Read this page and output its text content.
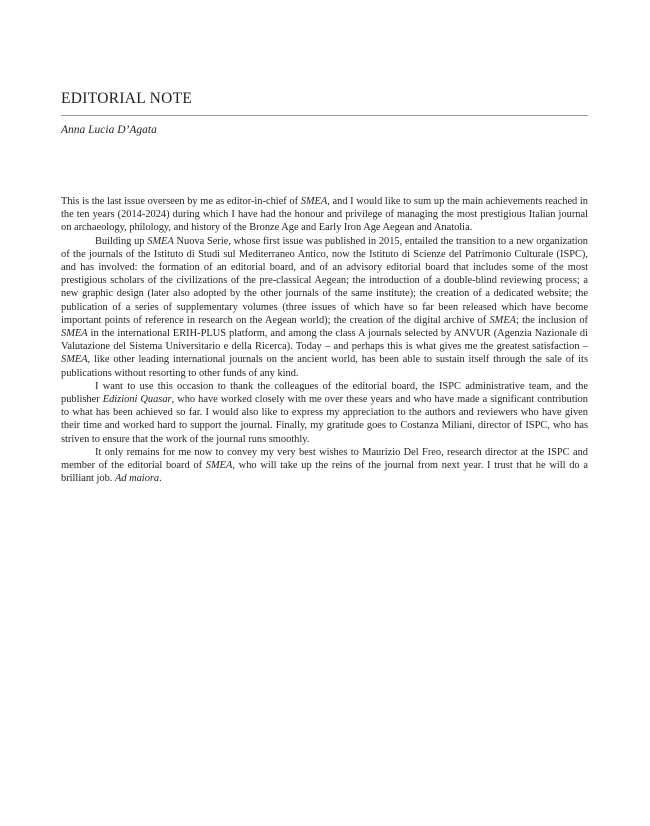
EDITORIAL NOTE
Anna Lucia D’Agata

This is the last issue overseen by me as editor-in-chief of SMEA, and I would like to sum up the main achievements reached in the ten years (2014-2024) during which I have had the honour and privilege of managing the most prestigious Italian journal on archaeology, philology, and history of the Bronze Age and Early Iron Age Aegean and Anatolia.

Building up SMEA Nuova Serie, whose first issue was published in 2015, entailed the transition to a new organization of the journals of the Istituto di Studi sul Mediterraneo Antico, now the Istituto di Scienze del Patrimonio Culturale (ISPC), and has involved: the formation of an editorial board, and of an advisory editorial board that includes some of the most prestigious scholars of the civilizations of the pre-classical Aegean; the introduction of a double-blind reviewing process; a new graphic design (later also adopted by the other journals of the same institute); the creation of a dedicated website; the publication of a series of supplementary volumes (three issues of which have so far been released which have become important points of reference in research on the Aegean world); the creation of the digital archive of SMEA; the inclusion of SMEA in the international ERIH-PLUS platform, and among the class A journals selected by ANVUR (Agenzia Nazionale di Valutazione del Sistema Universitario e della Ricerca). Today – and perhaps this is what gives me the greatest satisfaction – SMEA, like other leading international journals on the ancient world, has been able to sustain itself through the sale of its publications without resorting to other funds of any kind.

I want to use this occasion to thank the colleagues of the editorial board, the ISPC administrative team, and the publisher Edizioni Quasar, who have worked closely with me over these years and who have made a significant contribution to what has been achieved so far. I would also like to express my appreciation to the authors and reviewers who have given their time and worked hard to support the journal. Finally, my gratitude goes to Costanza Miliani, director of ISPC, who has striven to ensure that the work of the journal runs smoothly.

It only remains for me now to convey my very best wishes to Maurizio Del Freo, research director at the ISPC and member of the editorial board of SMEA, who will take up the reins of the journal from next year. I trust that he will do a brilliant job. Ad maiora.
